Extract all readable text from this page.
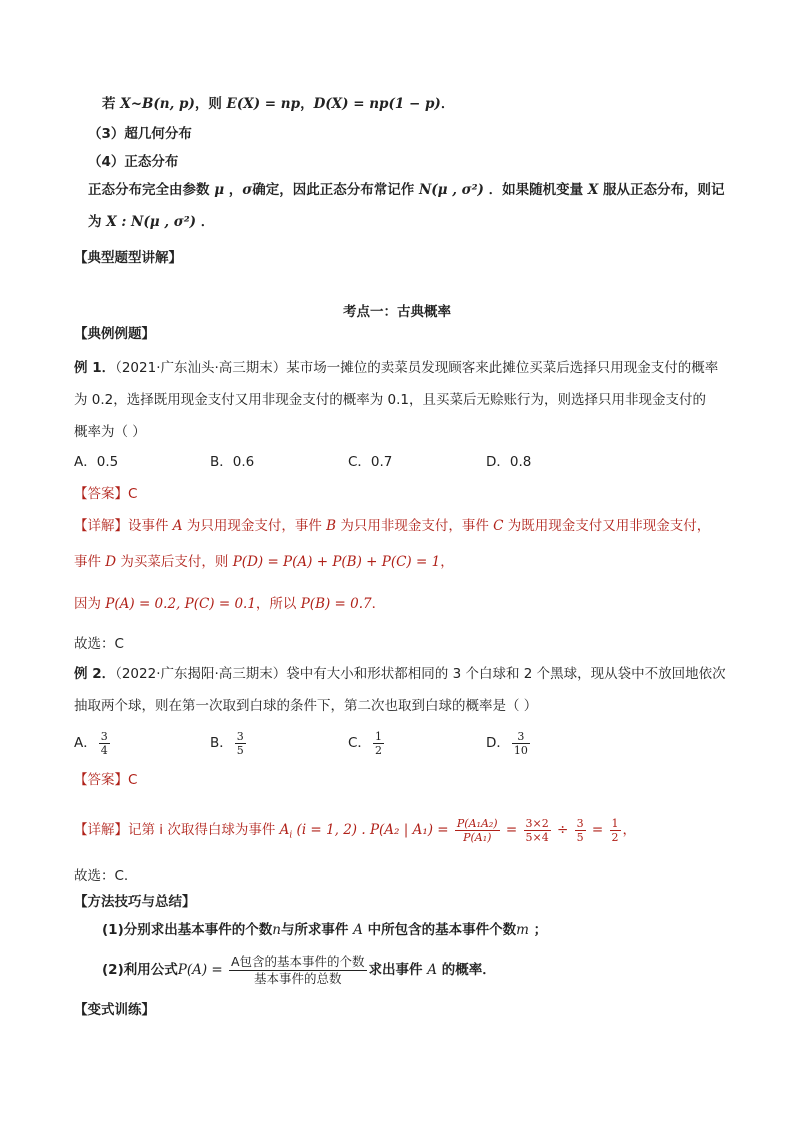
若 X~B(n, p)，则 E(X) = np，D(X) = np(1 − p)．
（3）超几何分布
（4）正态分布
正态分布完全由参数 μ ，σ确定，因此正态分布常记作 N(μ , σ²) ．如果随机变量 X 服从正态分布，则记
为 X : N(μ , σ²) ．
【典型题型讲解】
考点一：古典概率
【典例例题】
例 1．（2021·广东汕头·高三期末）某市场一摊位的卖菜员发现顾客来此摊位买菜后选择只用现金支付的概率
为 0.2，选择既用现金支付又用非现金支付的概率为 0.1，且买菜后无赊账行为，则选择只用非现金支付的
概率为（ ）
A．0.5	B．0.6	C．0.7	D．0.8
【答案】C
【详解】设事件 A 为只用现金支付，事件 B 为只用非现金支付，事件 C 为既用现金支付又用非现金支付，
事件 D 为买菜后支付，则 P(D) = P(A) + P(B) + P(C) = 1，
因为 P(A) = 0.2, P(C) = 0.1，所以 P(B) = 0.7．
故选：C
例 2．（2022·广东揭阳·高三期末）袋中有大小和形状都相同的 3 个白球和 2 个黑球，现从袋中不放回地依次
抽取两个球，则在第一次取到白球的条件下，第二次也取到白球的概率是（ ）
A． $\frac{3}{4}$	B． $\frac{3}{5}$	C． $\frac{1}{2}$	D． $\frac{3}{10}$
【答案】C
【详解】记第 i 次取得白球为事件 $A_i$ (i = 1, 2) . P(A₂ | $A_1) = \frac{\text{P(A₁A₂)}}{\text{P(A₁)}} = \frac{3\times 2}{5\times 4} \div \frac{3}{5} = \frac{1}{2}$ ，
故选：C.
【方法技巧与总结】
(1)分别求出基本事件的个数n与所求事件 A 中所包含的基本事件个数m ；
(2)利用公式$P(A) = \frac{\text{A包含的基本事件的个数}}{\text{基本事件的总数}}$ 求出事件 A 的概率．
【变式训练】
